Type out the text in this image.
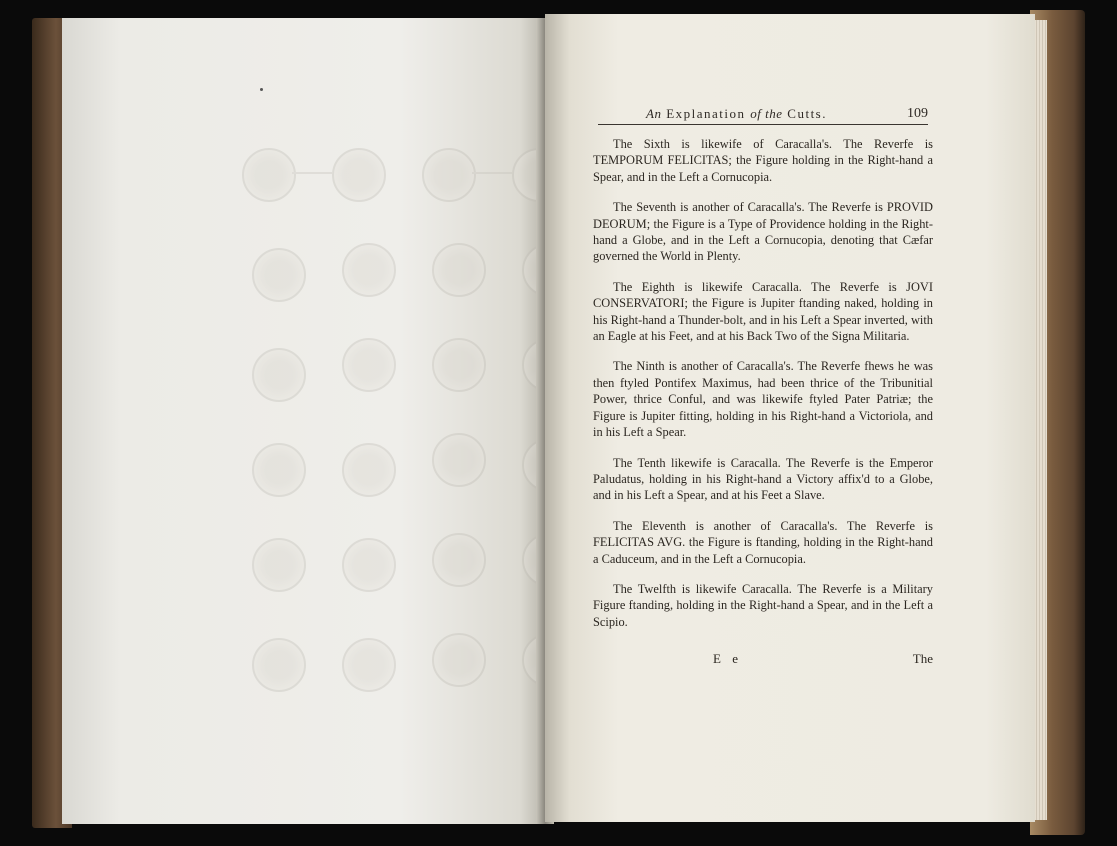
An Explanation of the Cutts.	109

The Sixth is likewife of Caracalla's. The Reverfe is TEMPORUM FELICITAS; the Figure holding in the Right-hand a Spear, and in the Left a Cornucopia.

The Seventh is another of Caracalla's. The Reverfe is PROVID DEORUM; the Figure is a Type of Providence holding in the Right-hand a Globe, and in the Left a Cornucopia, denoting that Cæfar governed the World in Plenty.

The Eighth is likewife Caracalla. The Reverfe is JOVI CONSERVATORI; the Figure is Jupiter ftanding naked, holding in his Right-hand a Thunder-bolt, and in his Left a Spear inverted, with an Eagle at his Feet, and at his Back Two of the Signa Militaria.

The Ninth is another of Caracalla's. The Reverfe fhews he was then ftyled Pontifex Maximus, had been thrice of the Tribunitial Power, thrice Conful, and was likewife ftyled Pater Patriæ; the Figure is Jupiter fitting, holding in his Right-hand a Victoriola, and in his Left a Spear.

The Tenth likewife is Caracalla. The Reverfe is the Emperor Paludatus, holding in his Right-hand a Victory affix'd to a Globe, and in his Left a Spear, and at his Feet a Slave.

The Eleventh is another of Caracalla's. The Reverfe is FELICITAS AVG. the Figure is ftanding, holding in the Right-hand a Caduceum, and in the Left a Cornucopia.

The Twelfth is likewife Caracalla. The Reverfe is a Military Figure ftanding, holding in the Right-hand a Spear, and in the Left a Scipio.

E e	The
